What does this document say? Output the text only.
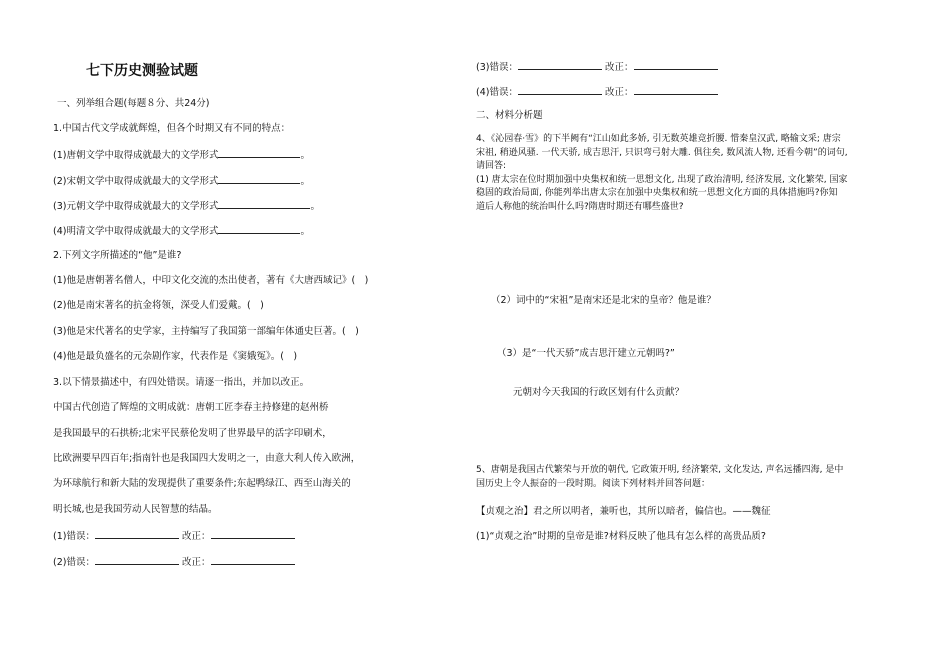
七下历史测验试题
一、列举组合题(每题８分、共24分)
1.中国古代文学成就辉煌，但各个时期又有不同的特点：
(1)唐朝文学中取得成就最大的文学形式	。
(2)宋朝文学中取得成就最大的文学形式	。
(3)元朝文学中取得成就最大的文学形式	。
(4)明清文学中取得成就最大的文学形式	。
2.下列文字所描述的“他”是谁?
(1)他是唐朝著名僧人，中印文化交流的杰出使者，著有《大唐西域记》(　)
(2)他是南宋著名的抗金将领，深受人们爱戴。(　)
(3)他是宋代著名的史学家，主持编写了我国第一部编年体通史巨著。(　)
(4)他是最负盛名的元杂剧作家，代表作是《窦娥冤》。(　)
3.以下情景描述中，有四处错误。请逐一指出，并加以改正。
中国古代创造了辉煌的文明成就：唐朝工匠李春主持修建的赵州桥
是我国最早的石拱桥;北宋平民蔡伦发明了世界最早的活字印刷术，
比欧洲要早四百年;指南针也是我国四大发明之一，由意大利人传入欧洲，
为环球航行和新大陆的发现提供了重要条件;东起鸭绿江、西至山海关的
明长城,也是我国劳动人民智慧的结晶。
(1)错误：	改正：
(2)错误：	改正：
(3)错误：	改正：
(4)错误：	改正：
二、材料分析题
4、《沁园春·雪》的下半阙有“江山如此多娇, 引无数英雄竞折腰. 惜秦皇汉武, 略输文采; 唐宗
宋祖, 稍逊风骚. 一代天骄, 成吉思汗, 只识弯弓射大雕. 俱往矣, 数风流人物, 还看今朝”的词句,
请回答:
(1) 唐太宗在位时期加强中央集权和统一思想文化, 出现了政治清明, 经济发展, 文化繁荣, 国家
稳固的政治局面, 你能列举出唐太宗在加强中央集权和统一思想文化方面的具体措施吗?你知
道后人称他的统治叫什么吗?隋唐时期还有哪些盛世?
（2）词中的“宋祖”是南宋还是北宋的皇帝？他是谁？
（3）是“一代天骄”成吉思汗建立元朝吗?”
元朝对今天我国的行政区划有什么贡献？
5、唐朝是我国古代繁荣与开放的朝代, 它政策开明, 经济繁荣, 文化发达, 声名远播四海, 是中
国历史上令人振奋的一段时期。阅读下列材料并回答问题：
【贞观之治】君之所以明者，兼听也，其所以暗者，偏信也。——魏征
(1)“贞观之治”时期的皇帝是谁?材料反映了他具有怎么样的高贵品质?
